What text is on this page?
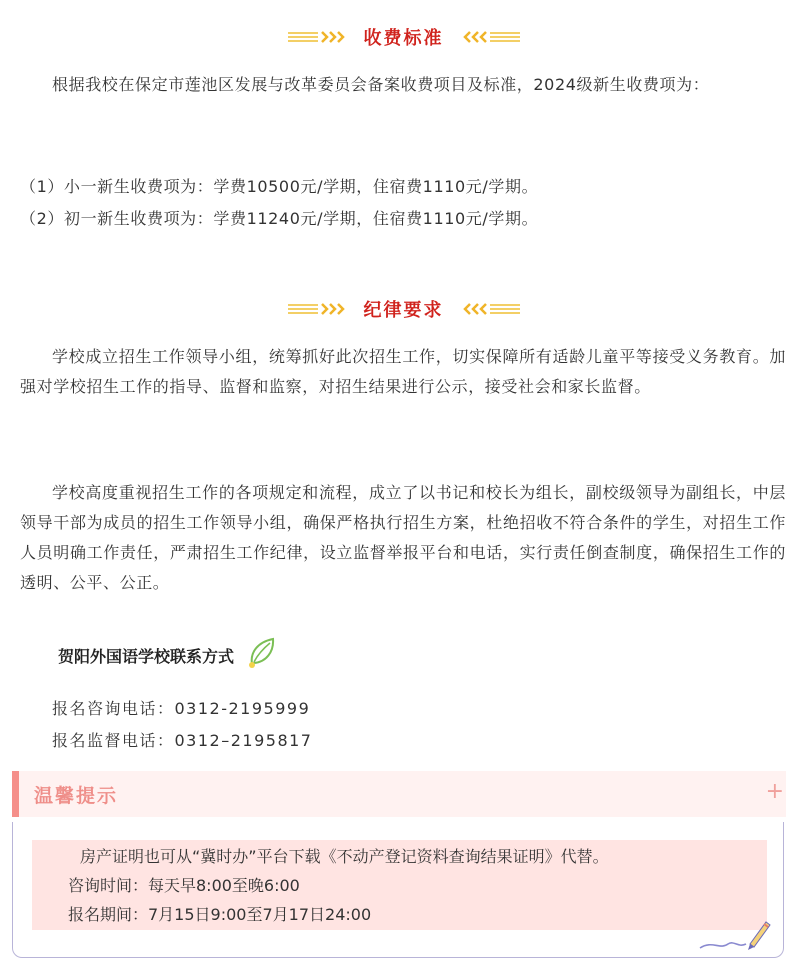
收费标准

根据我校在保定市莲池区发展与改革委员会备案收费项目及标准，2024级新生收费项为：

（1）小一新生收费项为：学费10500元/学期，住宿费1110元/学期。
（2）初一新生收费项为：学费11240元/学期，住宿费1110元/学期。
纪律要求

学校成立招生工作领导小组，统筹抓好此次招生工作，切实保障所有适龄儿童平等接受义务教育。加强对学校招生工作的指导、监督和监察，对招生结果进行公示，接受社会和家长监督。

学校高度重视招生工作的各项规定和流程，成立了以书记和校长为组长，副校级领导为副组长，中层领导干部为成员的招生工作领导小组，确保严格执行招生方案，杜绝招收不符合条件的学生，对招生工作人员明确工作责任，严肃招生工作纪律，设立监督举报平台和电话，实行责任倒查制度，确保招生工作的透明、公平、公正。

贺阳外国语学校联系方式
报名咨询电话：0312-2195999
报名监督电话：0312–2195817
温馨提示	+
房产证明也可从“冀时办”平台下载《不动产登记资料查询结果证明》代替。
咨询时间：每天早8:00至晚6:00
报名期间：7月15日9:00至7月17日24:00
